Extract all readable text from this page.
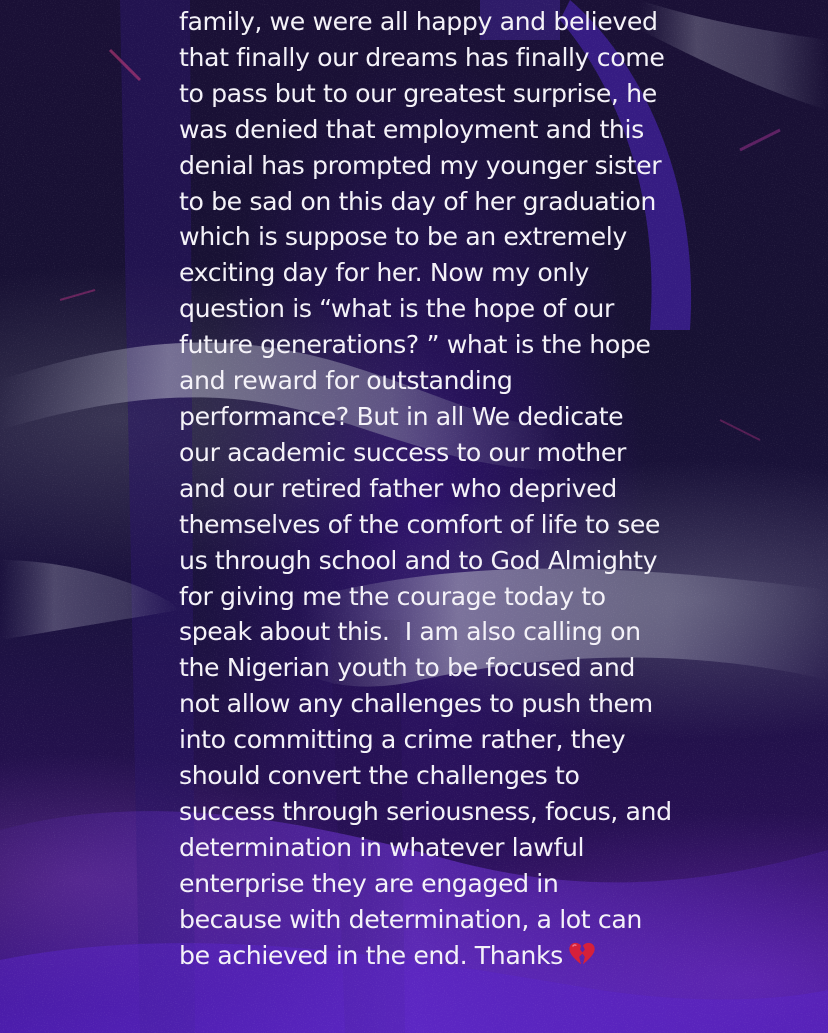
family, we were all happy and believed
that finally our dreams has finally come
to pass but to our greatest surprise, he
was denied that employment and this
denial has prompted my younger sister
to be sad on this day of her graduation
which is suppose to be an extremely
exciting day for her. Now my only
question is “what is the hope of our
future generations? ” what is the hope
and reward for outstanding
performance? But in all We dedicate
our academic success to our mother
and our retired father who deprived
themselves of the comfort of life to see
us through school and to God Almighty
for giving me the courage today to
speak about this.  I am also calling on
the Nigerian youth to be focused and
not allow any challenges to push them
into committing a crime rather, they
should convert the challenges to
success through seriousness, focus, and
determination in whatever lawful
enterprise they are engaged in
because with determination, a lot can
be achieved in the end. Thanks
